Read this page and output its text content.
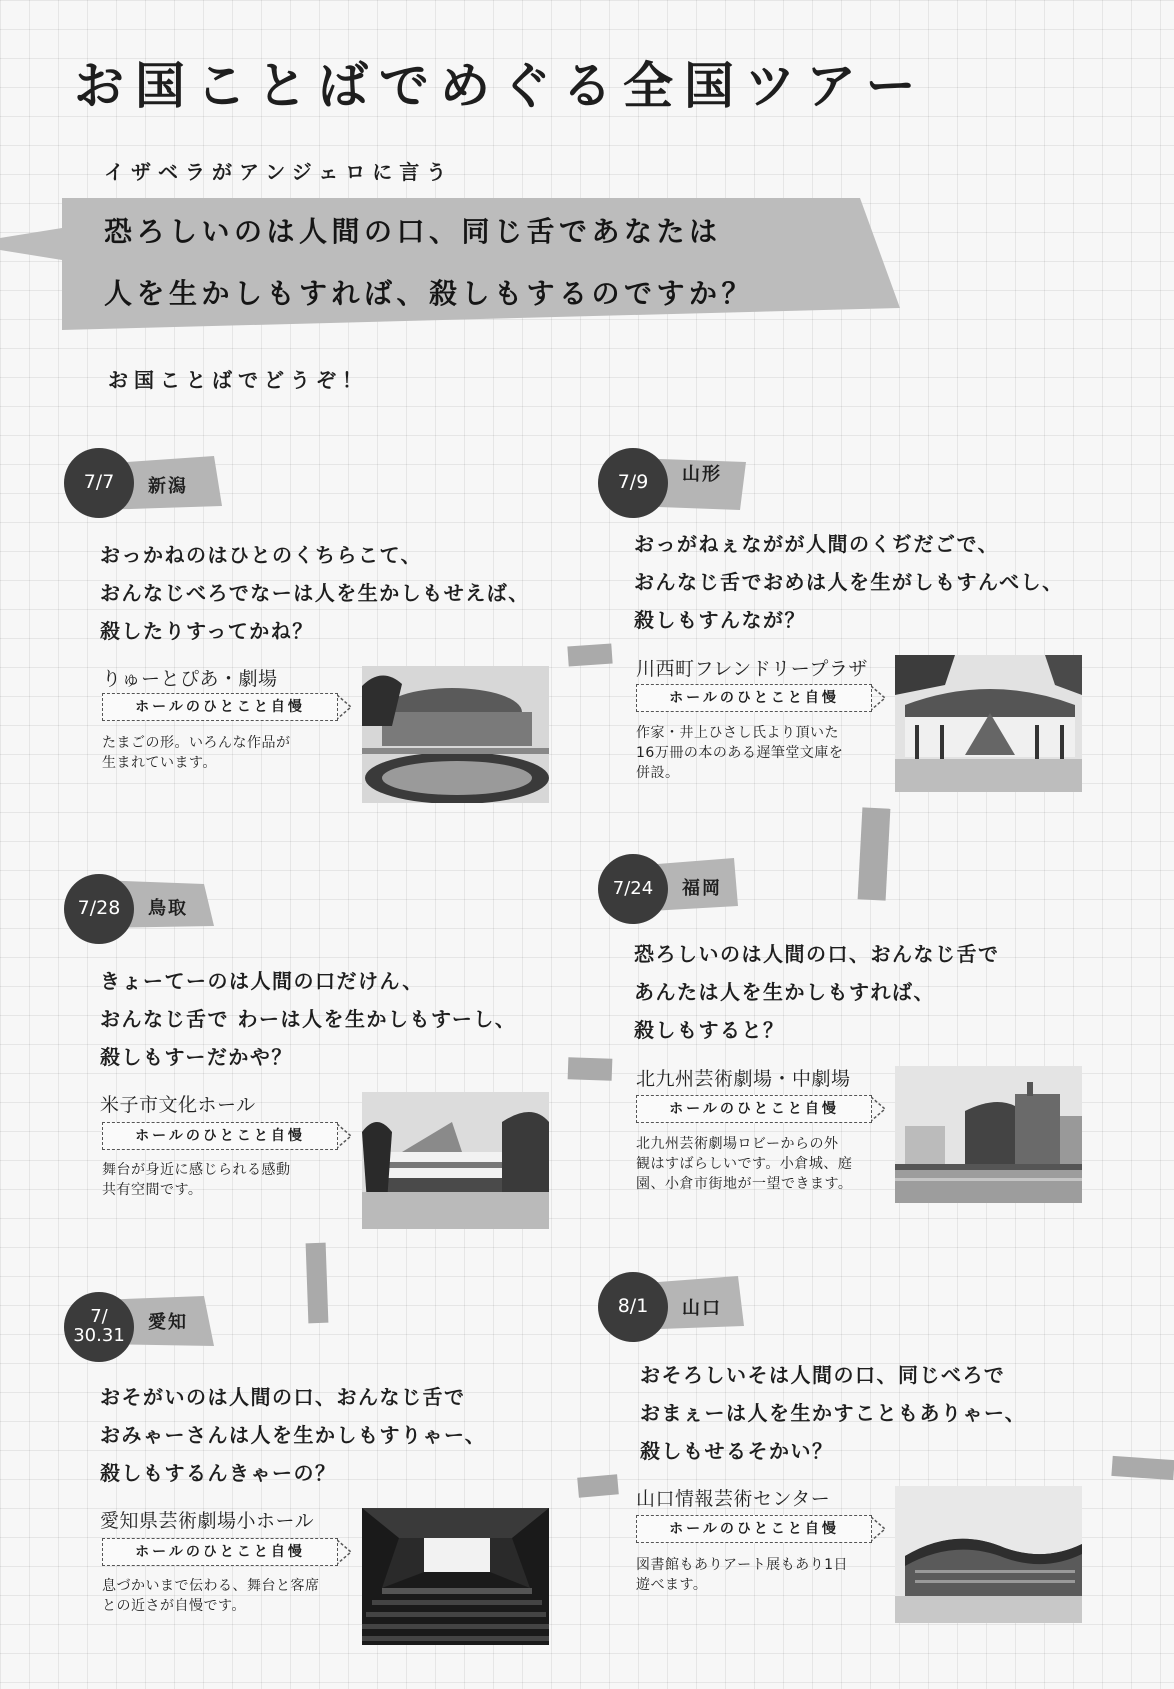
お国ことばでめぐる全国ツアー
イザベラがアンジェロに言う
恐ろしいのは人間の口、同じ舌であなたは
人を生かしもすれば、殺しもするのですか？
お国ことばでどうぞ！
7/7	新潟
おっかねのはひとのくちらこて、
おんなじべろでなーは人を生かしもせえば、
殺したりすってかね？
りゅーとぴあ・劇場
ホールのひとこと自慢
たまごの形。いろんな作品が
生まれています。
7/9	山形
おっがねぇながが人間のくぢだごで、
おんなじ舌でおめは人を生がしもすんべし、
殺しもすんなが？
川西町フレンドリープラザ
ホールのひとこと自慢
作家・井上ひさし氏より頂いた
16万冊の本のある遅筆堂文庫を
併設。
7/28	鳥取
きょーてーのは人間の口だけん、
おんなじ舌で わーは人を生かしもすーし、
殺しもすーだかや？
米子市文化ホール
ホールのひとこと自慢
舞台が身近に感じられる感動
共有空間です。
7/24	福岡
恐ろしいのは人間の口、おんなじ舌で
あんたは人を生かしもすれば、
殺しもすると？
北九州芸術劇場・中劇場
ホールのひとこと自慢
北九州芸術劇場ロビーからの外
観はすばらしいです。小倉城、庭
園、小倉市街地が一望できます。
7/
30.31
愛知
おそがいのは人間の口、おんなじ舌で
おみゃーさんは人を生かしもすりゃー、
殺しもするんきゃーの？
愛知県芸術劇場小ホール
ホールのひとこと自慢
息づかいまで伝わる、舞台と客席
との近さが自慢です。
8/1	山口
おそろしいそは人間の口、同じべろで
おまぇーは人を生かすこともありゃー、
殺しもせるそかい？
山口情報芸術センター
ホールのひとこと自慢
図書館もありアート展もあり1日
遊べます。
